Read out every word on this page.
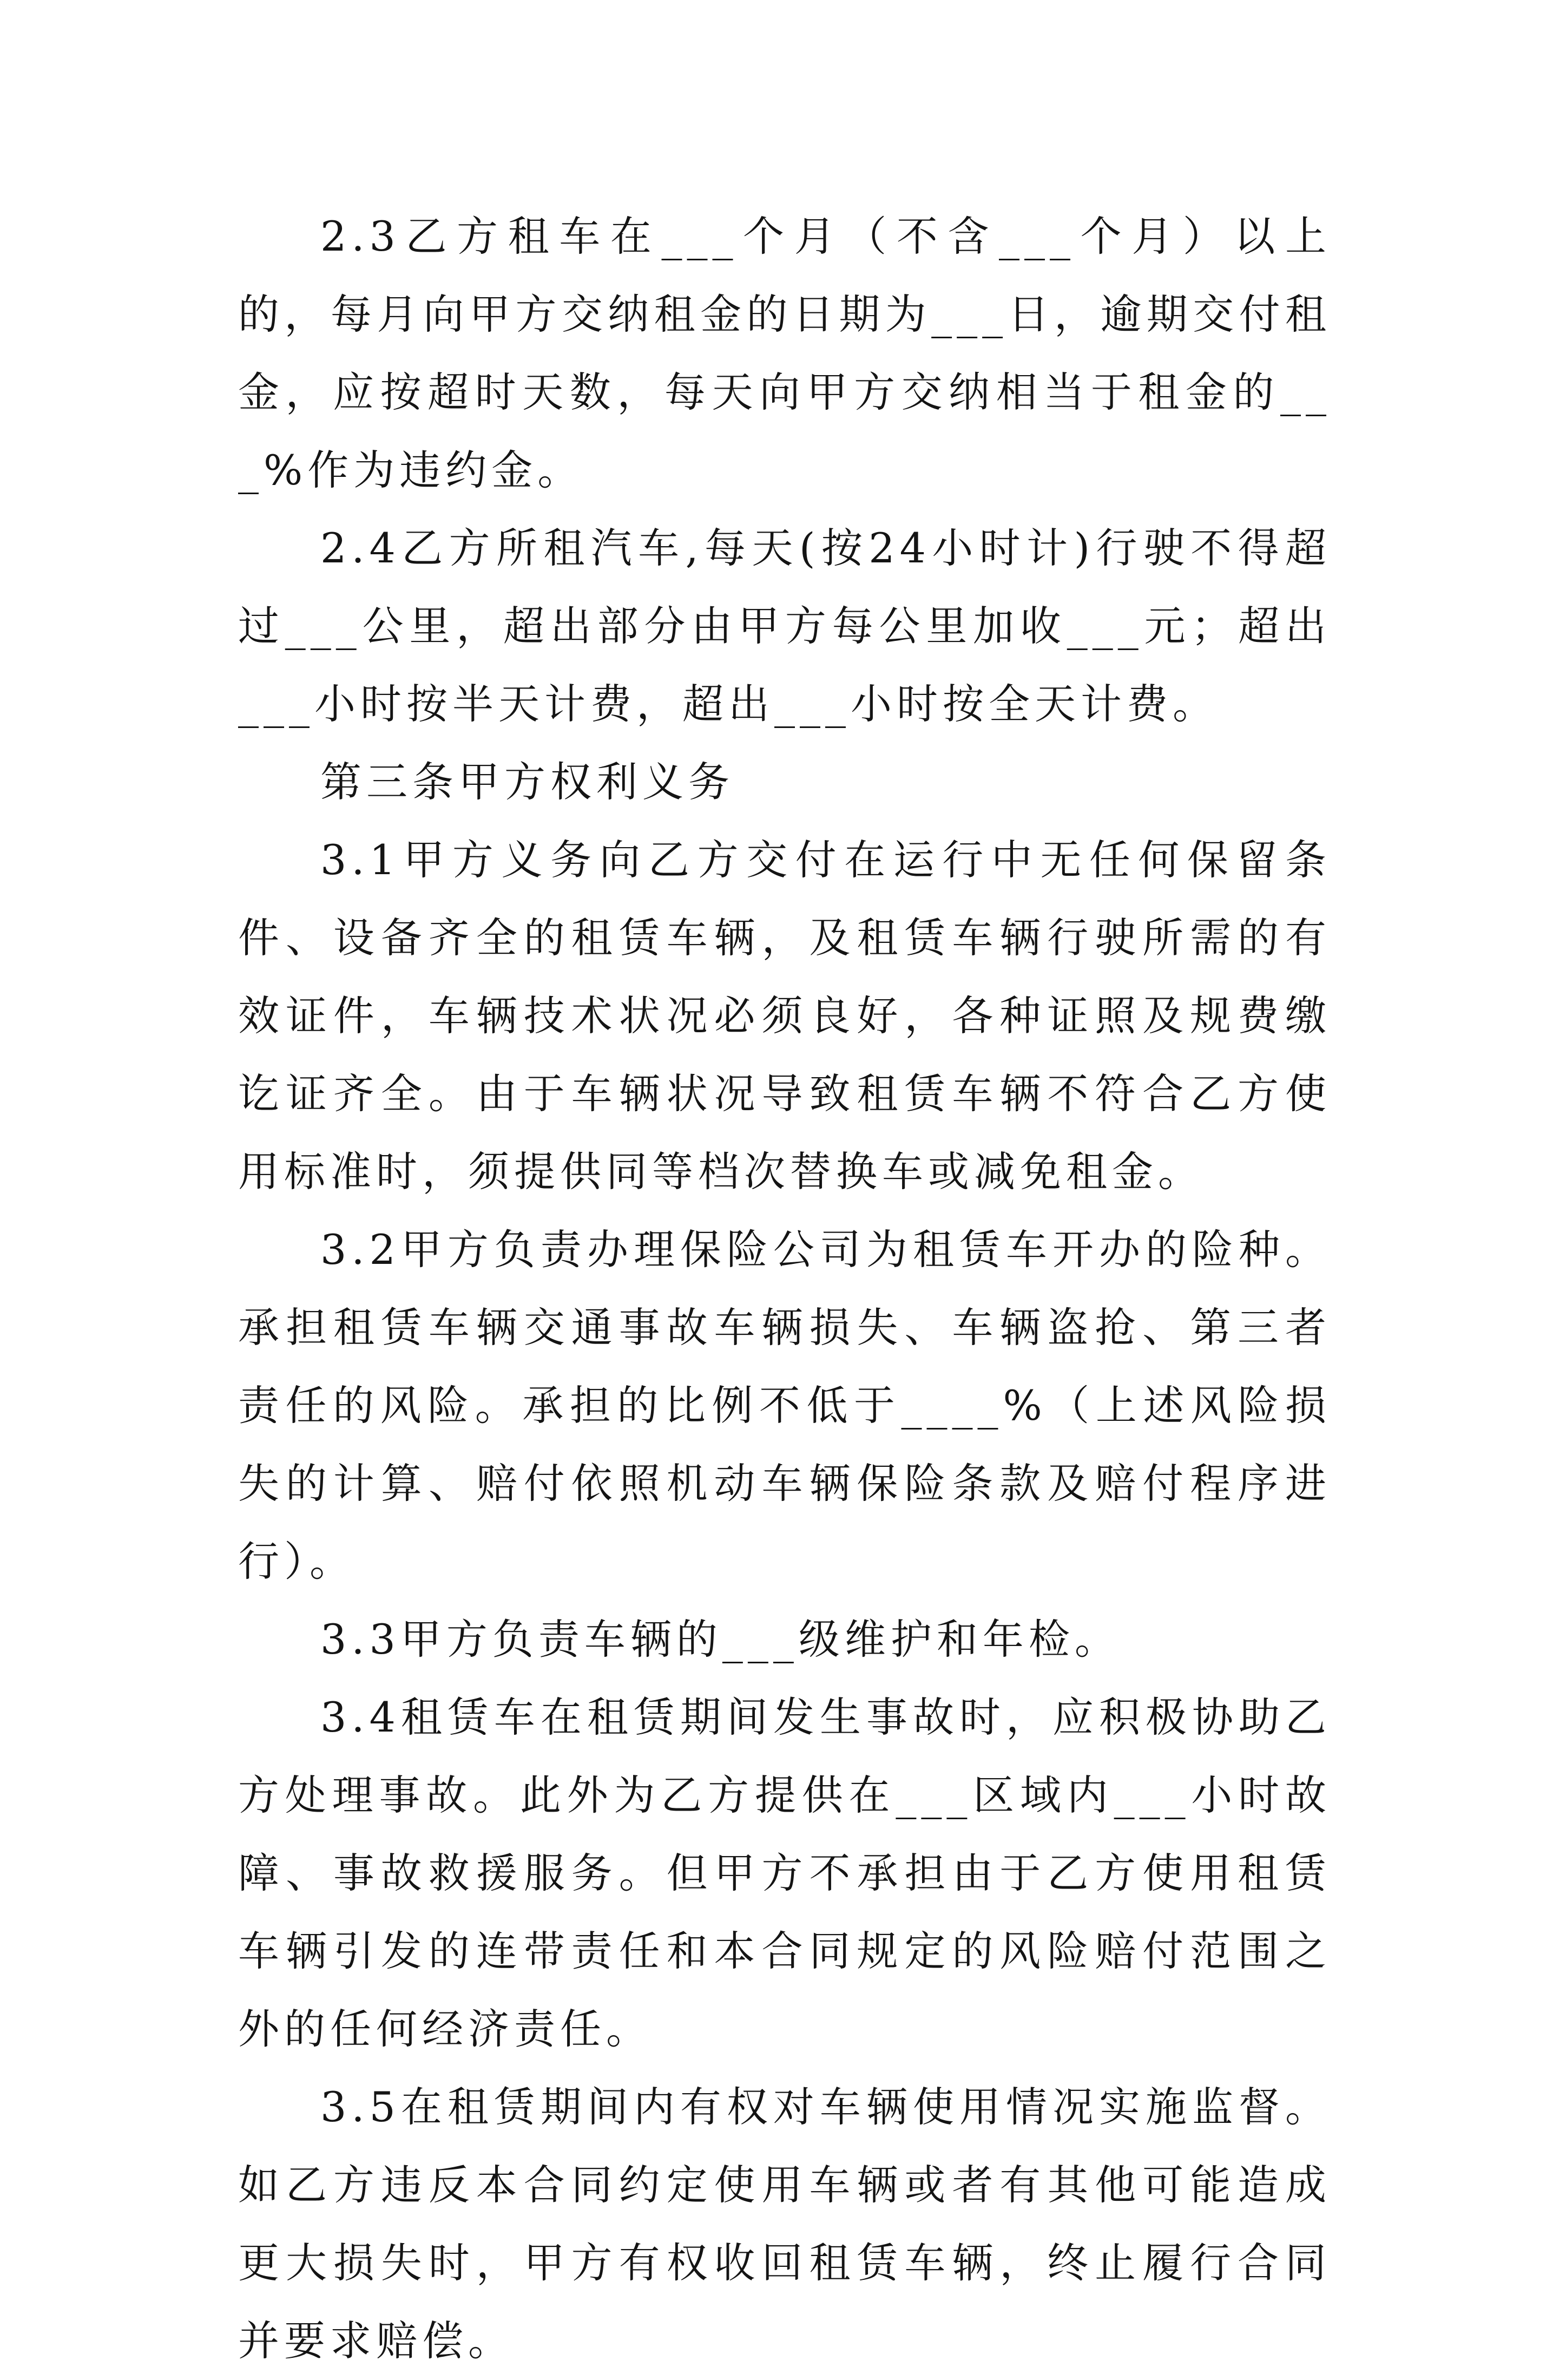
2.3乙方租车在___个月（不含___个月）以上的，每月向甲方交纳租金的日期为___日，逾期交付租金，应按超时天数，每天向甲方交纳相当于租金的___%作为违约金。

2.4乙方所租汽车,每天(按24小时计)行驶不得超过___公里，超出部分由甲方每公里加收___元；超出___小时按半天计费，超出___小时按全天计费。

第三条甲方权利义务

3.1甲方义务向乙方交付在运行中无任何保留条件、设备齐全的租赁车辆，及租赁车辆行驶所需的有效证件，车辆技术状况必须良好，各种证照及规费缴讫证齐全。由于车辆状况导致租赁车辆不符合乙方使用标准时，须提供同等档次替换车或减免租金。

3.2甲方负责办理保险公司为租赁车开办的险种。承担租赁车辆交通事故车辆损失、车辆盗抢、第三者责任的风险。承担的比例不低于____%（上述风险损失的计算、赔付依照机动车辆保险条款及赔付程序进行）。

3.3甲方负责车辆的___级维护和年检。

3.4租赁车在租赁期间发生事故时，应积极协助乙方处理事故。此外为乙方提供在___区域内___小时故障、事故救援服务。但甲方不承担由于乙方使用租赁车辆引发的连带责任和本合同规定的风险赔付范围之外的任何经济责任。

3.5在租赁期间内有权对车辆使用情况实施监督。如乙方违反本合同约定使用车辆或者有其他可能造成更大损失时，甲方有权收回租赁车辆，终止履行合同并要求赔偿。
